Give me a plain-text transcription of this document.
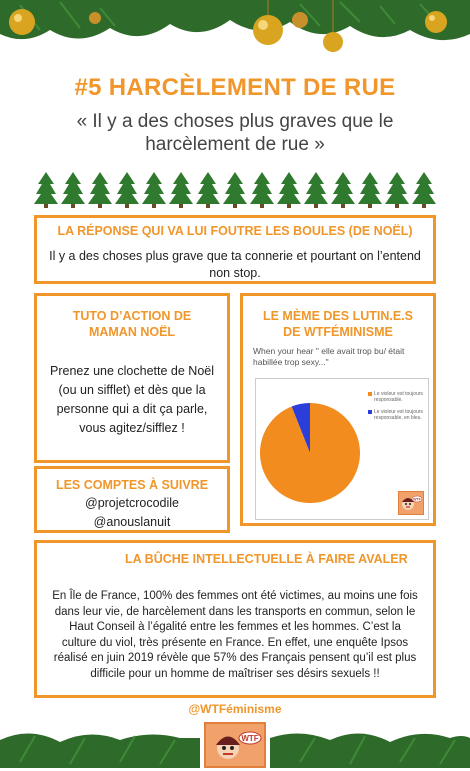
#5 HARCÈLEMENT DE RUE
« Il y a des choses plus graves que le harcèlement de rue »
LA RÉPONSE QUI VA LUI FOUTRE LES BOULES (DE NOËL)
Il y a des choses plus grave que ta connerie et pourtant on l’entend non stop.
TUTO D’ACTION DE MAMAN NOËL
Prenez une clochette de Noël (ou un sifflet) et dès que la personne qui a dit ça parle, vous agitez/sifflez !
LES COMPTES À SUIVRE
@projetcrocodile
@anouslanuit
LE MÈME DES LUTIN.E.S DE WTFÉMINISME
When your hear " elle avait trop bu/ était habillée trop sexy..."
Le violeur est toujours responsable.
Le violeur est toujours responsable, en bleu.
WTF
LA BÛCHE INTELLECTUELLE À FAIRE AVALER
En Île de France, 100% des femmes ont été victimes, au moins une fois dans leur vie, de harcèlement dans les transports en commun, selon le Haut Conseil à l’égalité entre les femmes et les hommes. C’est la culture du viol, très présente en France. En effet, une enquête Ipsos réalisé en juin 2019 révèle que 57% des Français pensent qu’il est plus difficile pour un homme de maîtriser ses désirs sexuels !!
@WTFéminisme
WTF
